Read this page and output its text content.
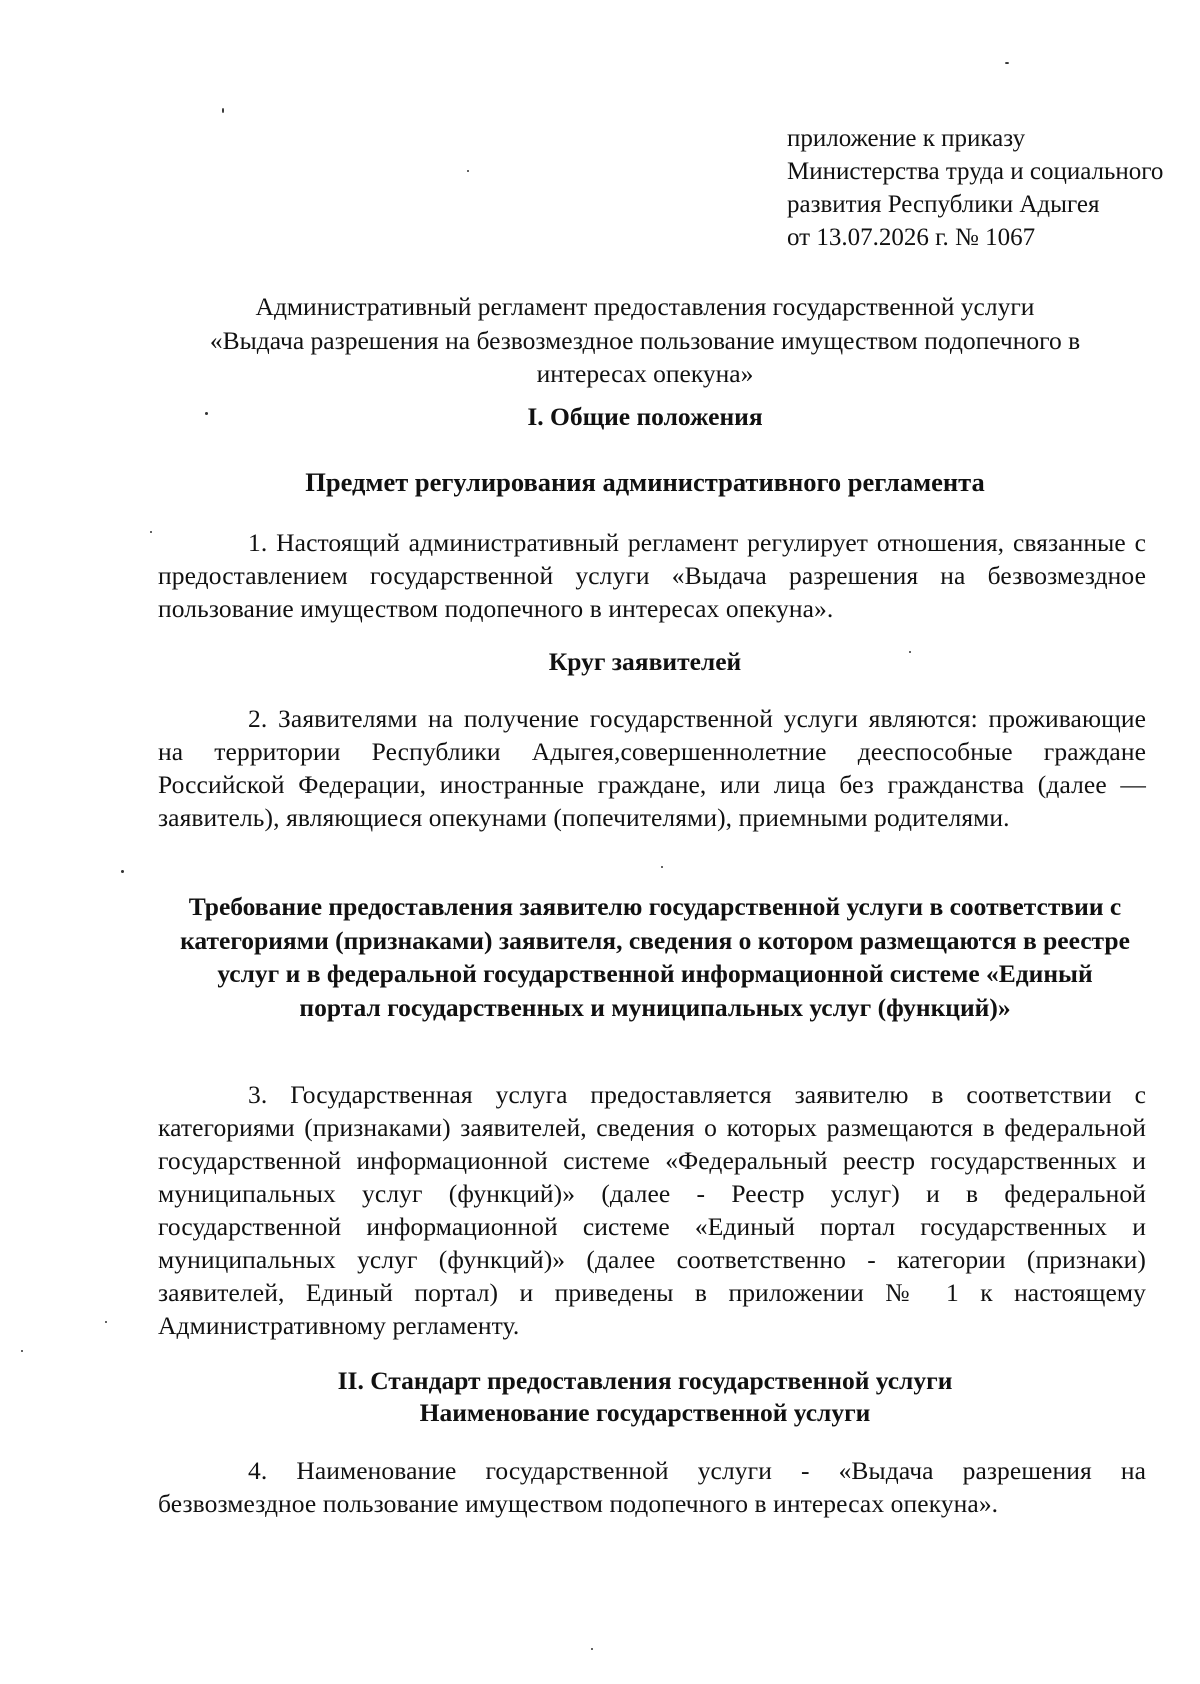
приложение к приказу
Министерства труда и социального
развития Республики Адыгея
от 13.07.2026 г. № 1067
Административный регламент предоставления государственной услуги
«Выдача разрешения на безвозмездное пользование имуществом подопечного в
интересах опекуна»
I. Общие положения
Предмет регулирования административного регламента
1. Настоящий административный регламент регулирует отношения, связанные с предоставлением государственной услуги «Выдача разрешения на безвозмездное пользование имуществом подопечного в интересах опекуна».
Круг заявителей
2. Заявителями на получение государственной услуги являются: проживающие на территории Республики Адыгея,совершеннолетние дееспособные граждане Российской Федерации, иностранные граждане, или лица без гражданства (далее — заявитель), являющиеся опекунами (попечителями), приемными родителями.
Требование предоставления заявителю государственной услуги в соответствии с категориями (признаками) заявителя, сведения о котором размещаются в реестре услуг и в федеральной государственной информационной системе «Единый портал государственных и муниципальных услуг (функций)»
3. Государственная услуга предоставляется заявителю в соответствии с категориями (признаками) заявителей, сведения о которых размещаются в федеральной государственной информационной системе «Федеральный реестр государственных и муниципальных услуг (функций)» (далее - Реестр услуг) и в федеральной государственной информационной системе «Единый портал государственных и муниципальных услуг (функций)» (далее соответственно - категории (признаки) заявителей, Единый портал) и приведены в приложении № 1 к настоящему Административному регламенту.
II. Стандарт предоставления государственной услуги
Наименование государственной услуги
4. Наименование государственной услуги - «Выдача разрешения на безвозмездное пользование имуществом подопечного в интересах опекуна».
